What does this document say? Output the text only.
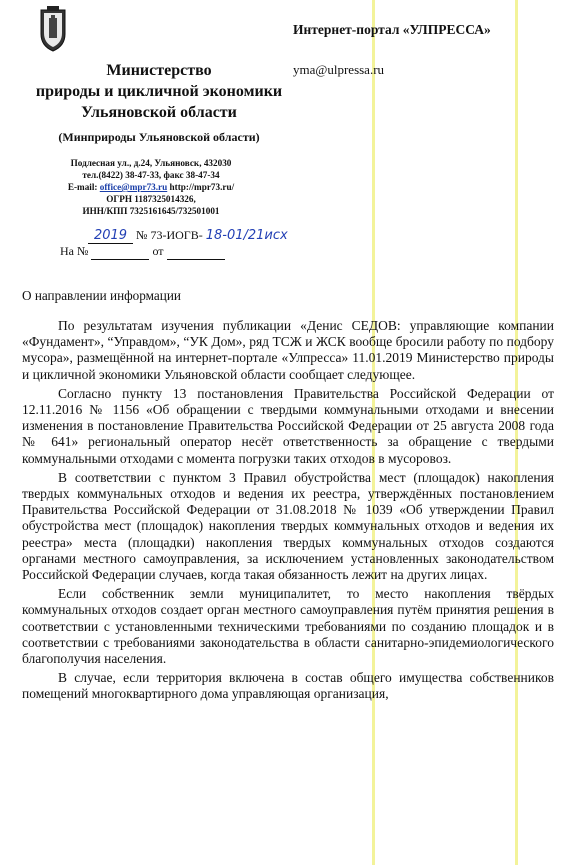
Министерство
природы и цикличной экономики
Ульяновской области
(Минприроды Ульяновской области)
Подлесная ул., д.24, Ульяновск, 432030
тел.(8422) 38-47-33, факс 38-47-34
E-mail: office@mpr73.ru http://mpr73.ru/
ОГРН 1187325014326,
ИНН/КПП 7325161645/732501001
Интернет-портал «УЛПРЕССА»
yma@ulpressa.ru
2019 № 73-ИОГВ- 18-01/21исх
На №	от
О направлении информации

По результатам изучения публикации «Денис СЕДОВ: управляющие компании «Фундамент», “Управдом», “УК Дом», ряд ТСЖ и ЖСК вообще бросили работу по подбору мусора», размещённой на интернет-портале «Улпресса» 11.01.2019 Министерство природы и цикличной экономики Ульяновской области сообщает следующее.

Согласно пункту 13 постановления Правительства Российской Федерации от 12.11.2016 № 1156 «Об обращении с твердыми коммунальными отходами и внесении изменения в постановление Правительства Российской Федерации от 25 августа 2008 года № 641» региональный оператор несёт ответственность за обращение с твердыми коммунальными отходами с момента погрузки таких отходов в мусоровоз.

В соответствии с пунктом 3 Правил обустройства мест (площадок) накопления твердых коммунальных отходов и ведения их реестра, утверждённых постановлением Правительства Российской Федерации от 31.08.2018 № 1039 «Об утверждении Правил обустройства мест (площадок) накопления твердых коммунальных отходов и ведения их реестра» места (площадки) накопления твердых коммунальных отходов создаются органами местного самоуправления, за исключением установленных законодательством Российской Федерации случаев, когда такая обязанность лежит на других лицах.

Если собственник земли муниципалитет, то место накопления твёрдых коммунальных отходов создает орган местного самоуправления путём принятия решения в соответствии с установленными техническими требованиями по созданию площадок и в соответствии с требованиями законодательства в области санитарно-эпидемиологического благополучия населения.

В случае, если территория включена в состав общего имущества собственников помещений многоквартирного дома управляющая организация,
